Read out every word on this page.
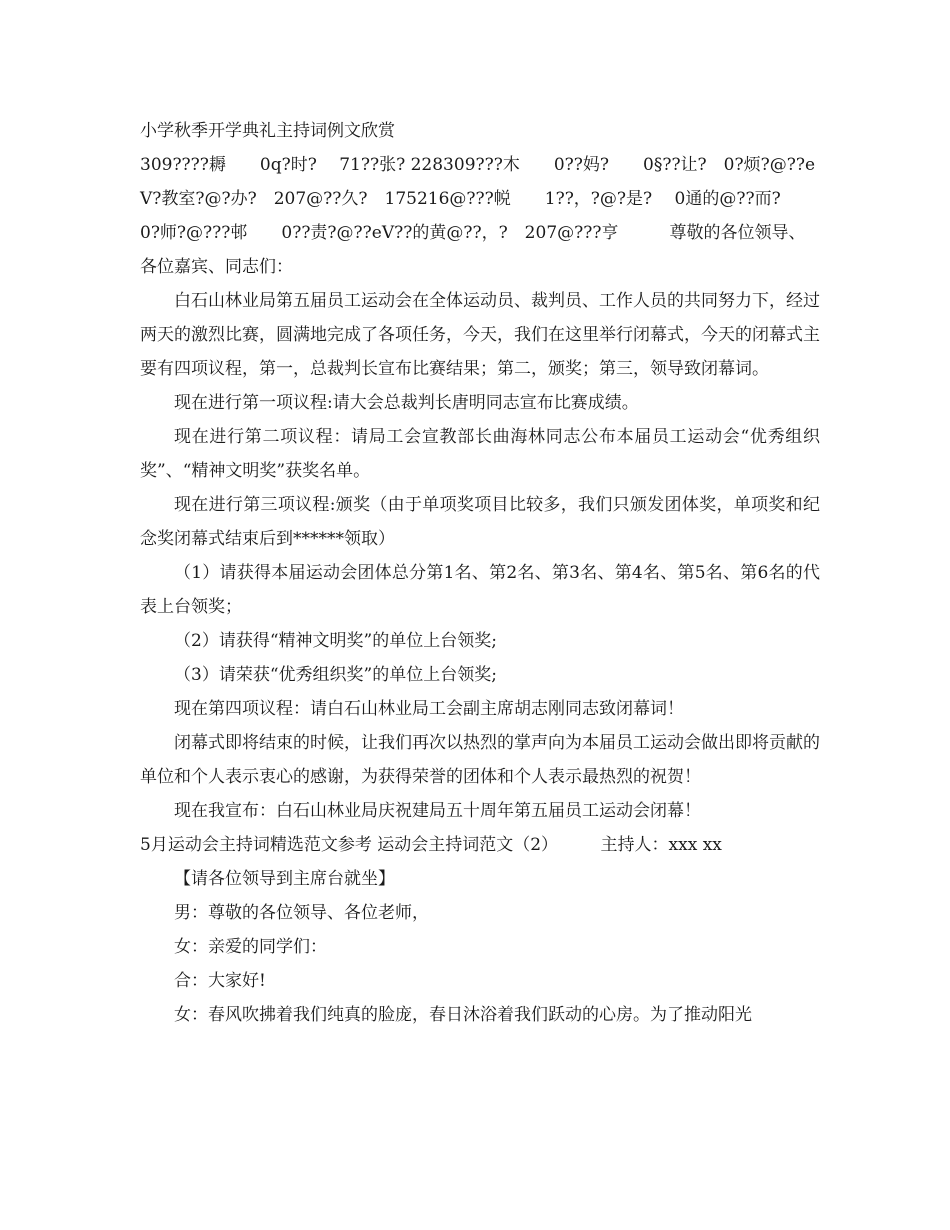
小学秋季开学典礼主持词例文欣赏

309????耨　　0q?时?　 71??张? 228309???木　　0??妈?　　0§??让?　0?烦?@??eV?教室?@?办?　207@??久?　175216@???帨　　1??，?@?是?　 0通的@??而?　 0?师?@???邨　　0??责?@??eV??的黄@??，?　207@???亨　　　尊敬的各位领导、各位嘉宾、同志们：

白石山林业局第五届员工运动会在全体运动员、裁判员、工作人员的共同努力下，经过两天的激烈比赛，圆满地完成了各项任务，今天，我们在这里举行闭幕式，今天的闭幕式主要有四项议程，第一，总裁判长宣布比赛结果；第二，颁奖；第三，领导致闭幕词。

现在进行第一项议程:请大会总裁判长唐明同志宣布比赛成绩。

现在进行第二项议程：请局工会宣教部长曲海林同志公布本届员工运动会“优秀组织奖”、“精神文明奖”获奖名单。

现在进行第三项议程:颁奖（由于单项奖项目比较多，我们只颁发团体奖，单项奖和纪念奖闭幕式结束后到******领取）

（1）请获得本届运动会团体总分第1名、第2名、第3名、第4名、第5名、第6名的代表上台领奖；

（2）请获得“精神文明奖”的单位上台领奖;

（3）请荣获“优秀组织奖”的单位上台领奖;

现在第四项议程：请白石山林业局工会副主席胡志刚同志致闭幕词！

闭幕式即将结束的时候，让我们再次以热烈的掌声向为本届员工运动会做出即将贡献的单位和个人表示衷心的感谢，为获得荣誉的团体和个人表示最热烈的祝贺！

现在我宣布：白石山林业局庆祝建局五十周年第五届员工运动会闭幕！

5月运动会主持词精选范文参考 运动会主持词范文（2）　　　主持人：xxx xx

【请各位领导到主席台就坐】

男：尊敬的各位领导、各位老师，

女：亲爱的同学们：

合：大家好!

女：春风吹拂着我们纯真的脸庞，春日沐浴着我们跃动的心房。为了推动阳光
